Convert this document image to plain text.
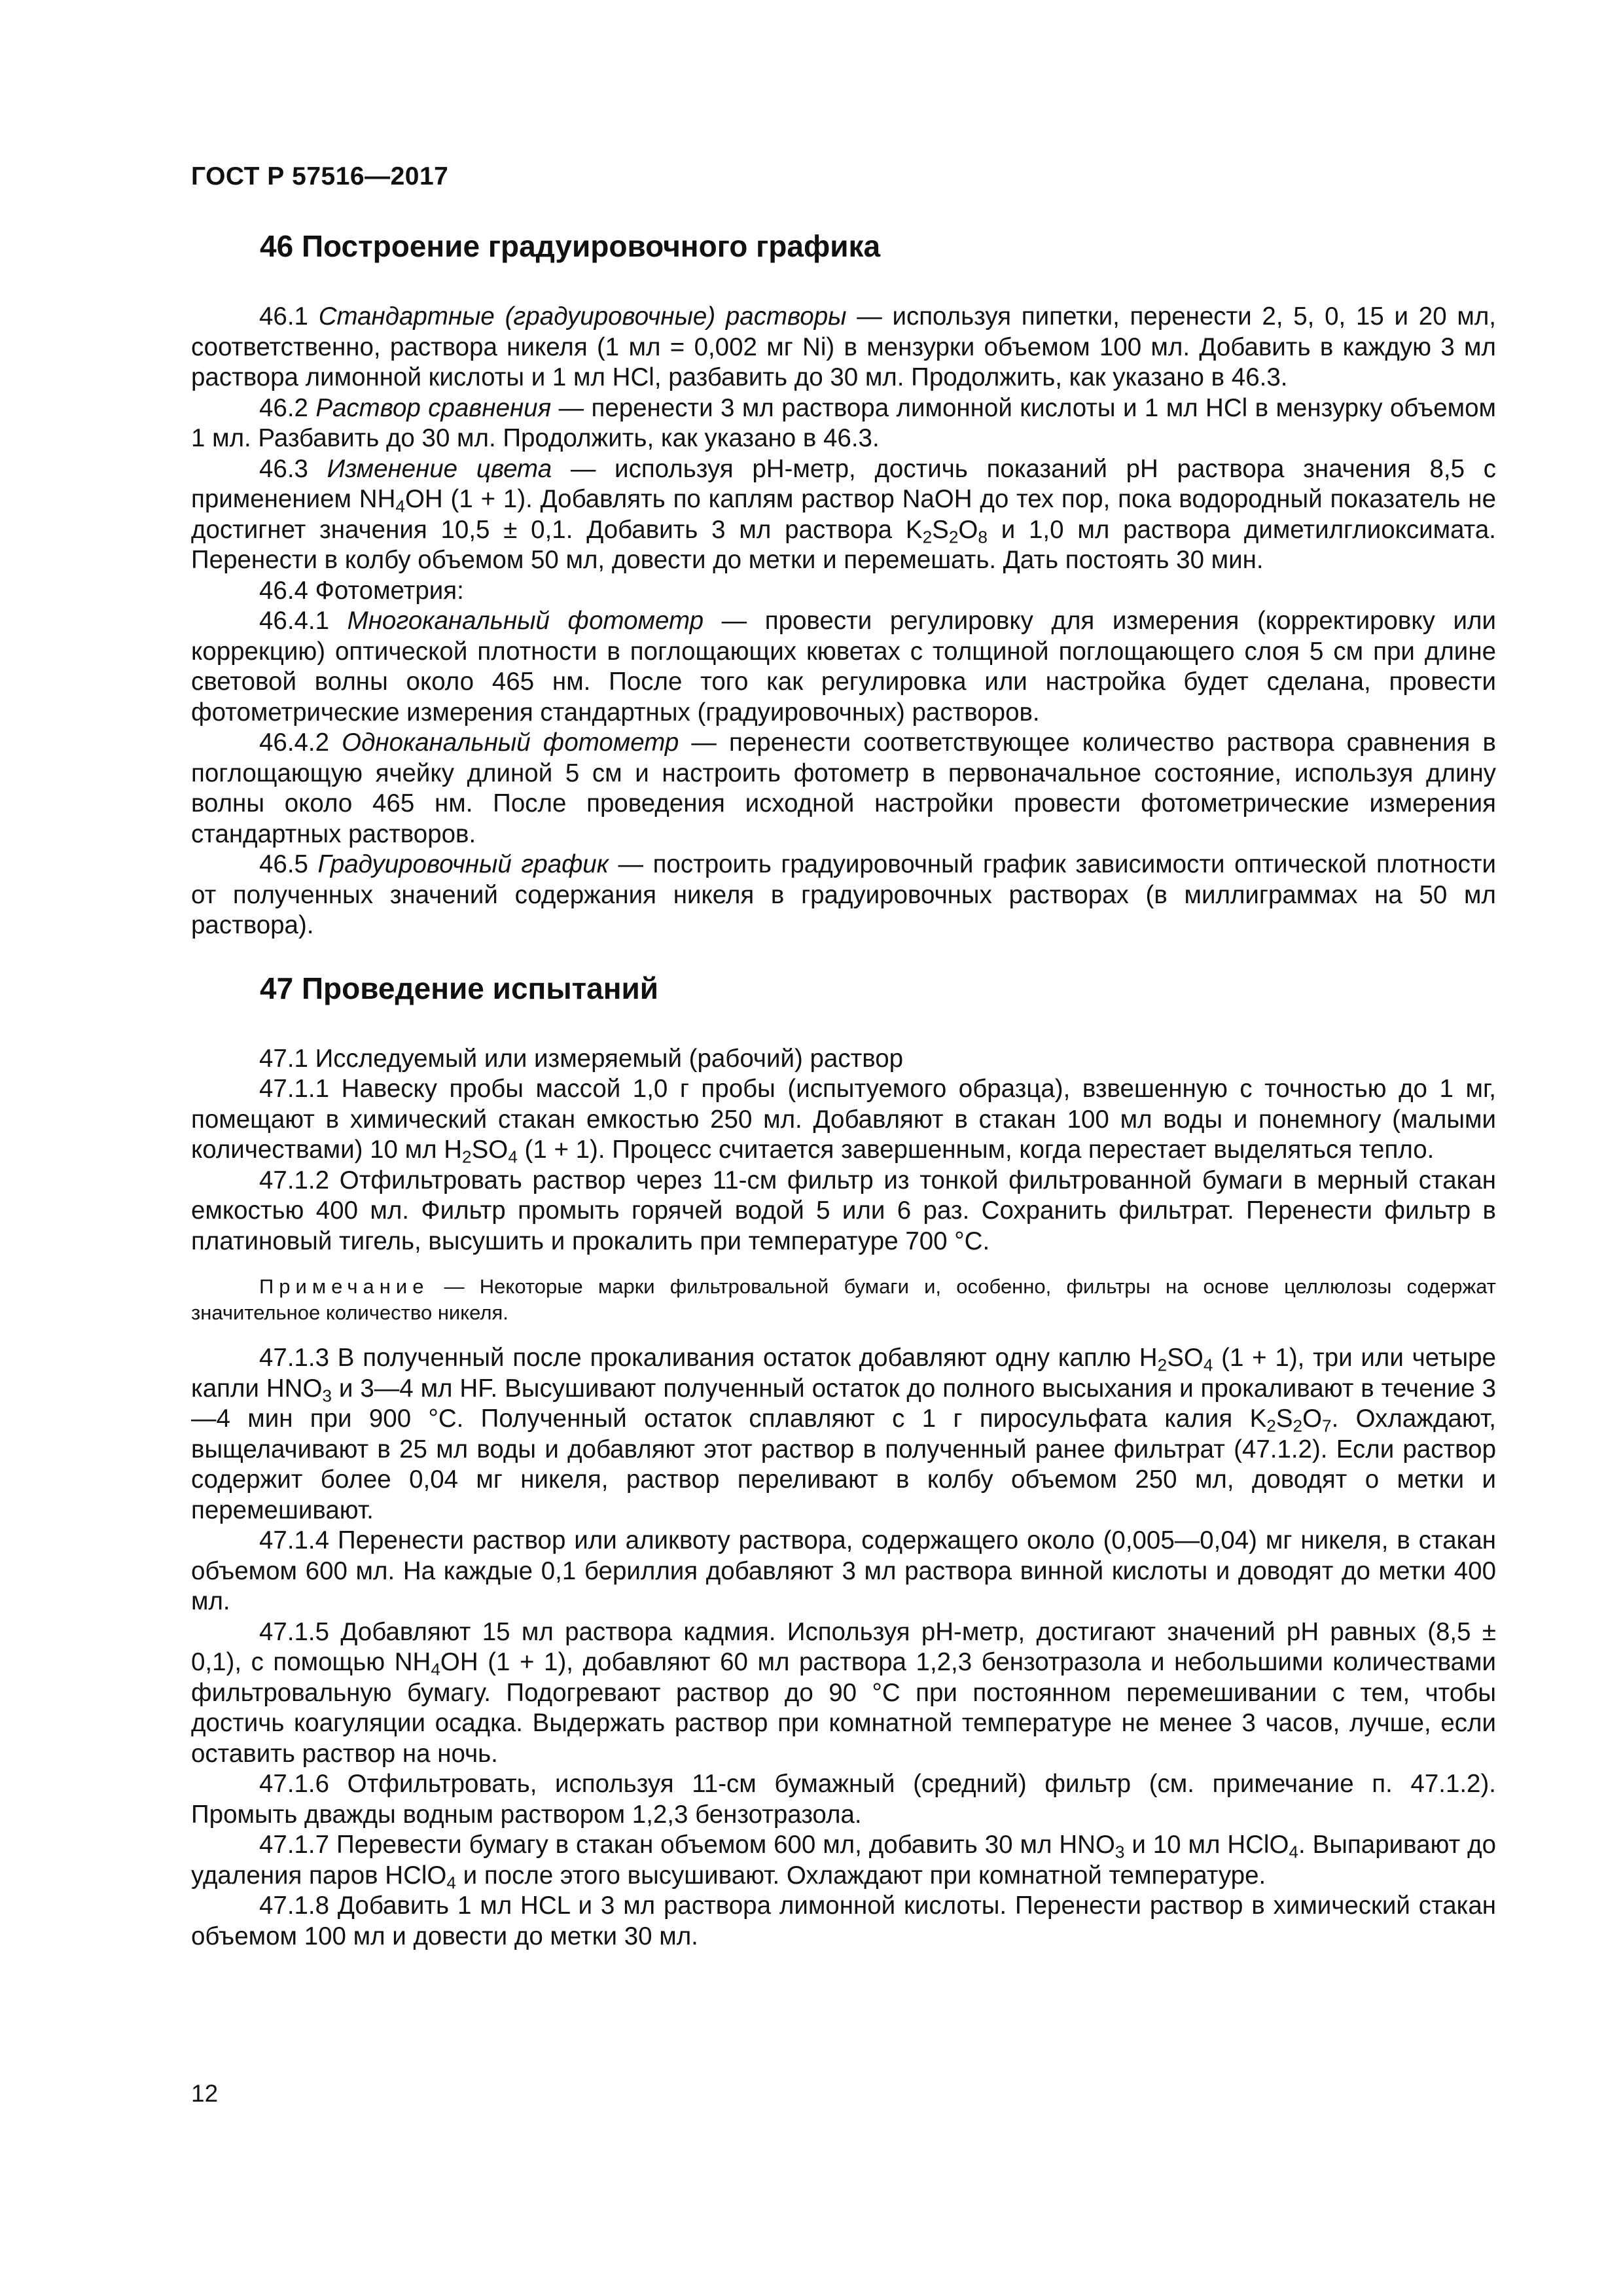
ГОСТ Р 57516—2017
46 Построение градуировочного графика

46.1 Стандартные (градуировочные) растворы — используя пипетки, перенести 2, 5, 0, 15 и 20 мл, соответственно, раствора никеля (1 мл = 0,002 мг Ni) в мензурки объемом 100 мл. Добавить в каждую 3 мл раствора лимонной кислоты и 1 мл HCl, разбавить до 30 мл. Продолжить, как указано в 46.3.

46.2 Раствор сравнения — перенести 3 мл раствора лимонной кислоты и 1 мл HCl в мензурку объемом 1 мл. Разбавить до 30 мл. Продолжить, как указано в 46.3.

46.3 Изменение цвета — используя pH-метр, достичь показаний pH раствора значения 8,5 с применением $NH_4OH$ (1 + 1). Добавлять по каплям раствор NaOH до тех пор, пока водородный показатель не достигнет значения 10,5 ± 0,1. Добавить 3 мл раствора $K_2S_2O_8$ и 1,0 мл раствора диметилглиоксимата. Перенести в колбу объемом 50 мл, довести до метки и перемешать. Дать постоять 30 мин.

46.4 Фотометрия:

46.4.1 Многоканальный фотометр — провести регулировку для измерения (корректировку или коррекцию) оптической плотности в поглощающих кюветах с толщиной поглощающего слоя 5 см при длине световой волны около 465 нм. После того как регулировка или настройка будет сделана, провести фотометрические измерения стандартных (градуировочных) растворов.

46.4.2 Одноканальный фотометр — перенести соответствующее количество раствора сравнения в поглощающую ячейку длиной 5 см и настроить фотометр в первоначальное состояние, используя длину волны около 465 нм. После проведения исходной настройки провести фотометрические измерения стандартных растворов.

46.5 Градуировочный график — построить градуировочный график зависимости оптической плотности от полученных значений содержания никеля в градуировочных растворах (в миллиграммах на 50 мл раствора).

47 Проведение испытаний

47.1 Исследуемый или измеряемый (рабочий) раствор

47.1.1 Навеску пробы массой 1,0 г пробы (испытуемого образца), взвешенную с точностью до 1 мг, помещают в химический стакан емкостью 250 мл. Добавляют в стакан 100 мл воды и понемногу (малыми количествами) 10 мл $H_2SO_4$ (1 + 1). Процесс считается завершенным, когда перестает выделяться тепло.

47.1.2 Отфильтровать раствор через 11-см фильтр из тонкой фильтрованной бумаги в мерный стакан емкостью 400 мл. Фильтр промыть горячей водой 5 или 6 раз. Сохранить фильтрат. Перенести фильтр в платиновый тигель, высушить и прокалить при температуре 700 °С.

Примечание — Некоторые марки фильтровальной бумаги и, особенно, фильтры на основе целлюлозы содержат значительное количество никеля.

47.1.3 В полученный после прокаливания остаток добавляют одну каплю $H_2SO_4$ (1 + 1), три или четыре капли $HNO_3$ и 3—4 мл HF. Высушивают полученный остаток до полного высыхания и прокаливают в течение 3—4 мин при 900 °С. Полученный остаток сплавляют с 1 г пиросульфата калия $K_2S_2O_7$. Охлаждают, выщелачивают в 25 мл воды и добавляют этот раствор в полученный ранее фильтрат (47.1.2). Если раствор содержит более 0,04 мг никеля, раствор переливают в колбу объемом 250 мл, доводят о метки и перемешивают.

47.1.4 Перенести раствор или аликвоту раствора, содержащего около (0,005—0,04) мг никеля, в стакан объемом 600 мл. На каждые 0,1 бериллия добавляют 3 мл раствора винной кислоты и доводят до метки 400 мл.

47.1.5 Добавляют 15 мл раствора кадмия. Используя pH-метр, достигают значений pH равных (8,5 ± 0,1), с помощью $NH_4OH$ (1 + 1), добавляют 60 мл раствора 1,2,3 бензотразола и небольшими количествами фильтровальную бумагу. Подогревают раствор до 90 °С при постоянном перемешивании с тем, чтобы достичь коагуляции осадка. Выдержать раствор при комнатной температуре не менее 3 часов, лучше, если оставить раствор на ночь.

47.1.6 Отфильтровать, используя 11-см бумажный (средний) фильтр (см. примечание п. 47.1.2). Промыть дважды водным раствором 1,2,3 бензотразола.

47.1.7 Перевести бумагу в стакан объемом 600 мл, добавить 30 мл $HNO_3$ и 10 мл HClO$_4$. Выпаривают до удаления паров HClO$_4$ и после этого высушивают. Охлаждают при комнатной температуре.

47.1.8 Добавить 1 мл HCL и 3 мл раствора лимонной кислоты. Перенести раствор в химический стакан объемом 100 мл и довести до метки 30 мл.

12
